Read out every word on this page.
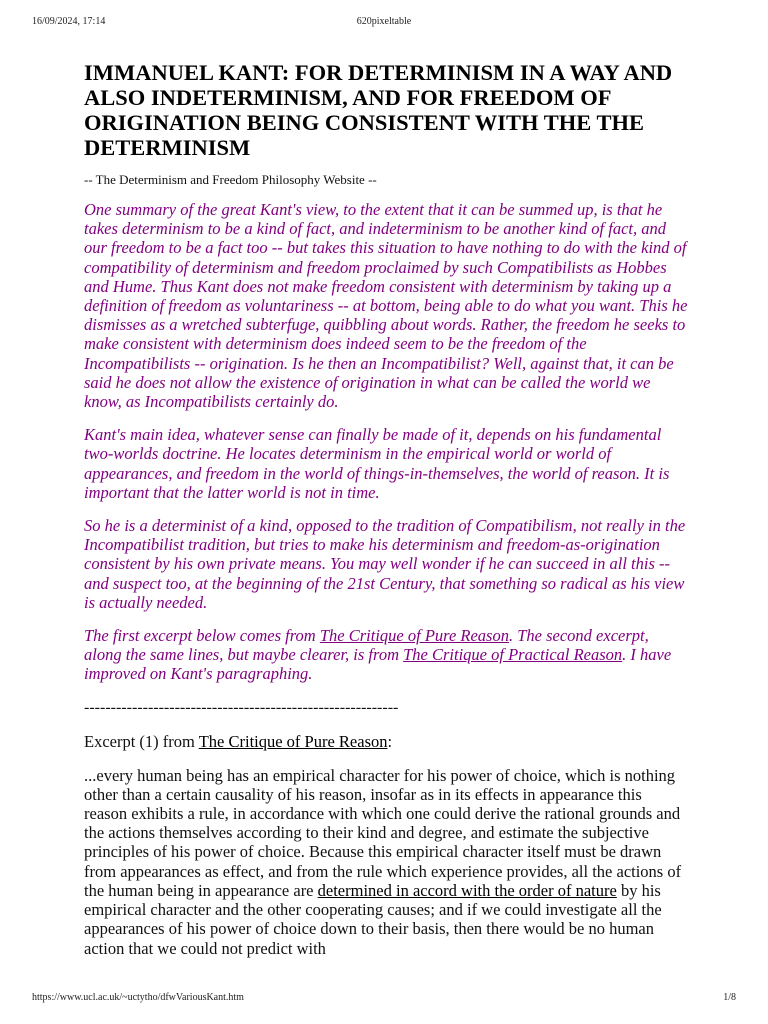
16/09/2024, 17:14	620pixeltable
IMMANUEL KANT: FOR DETERMINISM IN A WAY AND ALSO INDETERMINISM, AND FOR FREEDOM OF ORIGINATION BEING CONSISTENT WITH THE THE DETERMINISM

-- The Determinism and Freedom Philosophy Website --

One summary of the great Kant's view, to the extent that it can be summed up, is that he takes determinism to be a kind of fact, and indeterminism to be another kind of fact, and our freedom to be a fact too -- but takes this situation to have nothing to do with the kind of compatibility of determinism and freedom proclaimed by such Compatibilists as Hobbes and Hume. Thus Kant does not make freedom consistent with determinism by taking up a definition of freedom as voluntariness -- at bottom, being able to do what you want. This he dismisses as a wretched subterfuge, quibbling about words. Rather, the freedom he seeks to make consistent with determinism does indeed seem to be the freedom of the Incompatibilists -- origination. Is he then an Incompatibilist? Well, against that, it can be said he does not allow the existence of origination in what can be called the world we know, as Incompatibilists certainly do.

Kant's main idea, whatever sense can finally be made of it, depends on his fundamental two-worlds doctrine. He locates determinism in the empirical world or world of appearances, and freedom in the world of things-in-themselves, the world of reason. It is important that the latter world is not in time.

So he is a determinist of a kind, opposed to the tradition of Compatibilism, not really in the Incompatibilist tradition, but tries to make his determinism and freedom-as-origination consistent by his own private means. You may well wonder if he can succeed in all this -- and suspect too, at the beginning of the 21st Century, that something so radical as his view is actually needed.

The first excerpt below comes from The Critique of Pure Reason. The second excerpt, along the same lines, but maybe clearer, is from The Critique of Practical Reason. I have improved on Kant's paragraphing.

-----------------------------------------------------------

Excerpt (1) from The Critique of Pure Reason:

...every human being has an empirical character for his power of choice, which is nothing other than a certain causality of his reason, insofar as in its effects in appearance this reason exhibits a rule, in accordance with which one could derive the rational grounds and the actions themselves according to their kind and degree, and estimate the subjective principles of his power of choice. Because this empirical character itself must be drawn from appearances as effect, and from the rule which experience provides, all the actions of the human being in appearance are determined in accord with the order of nature by his empirical character and the other cooperating causes; and if we could investigate all the appearances of his power of choice down to their basis, then there would be no human action that we could not predict with

https://www.ucl.ac.uk/~uctytho/dfwVariousKant.htm	1/8
